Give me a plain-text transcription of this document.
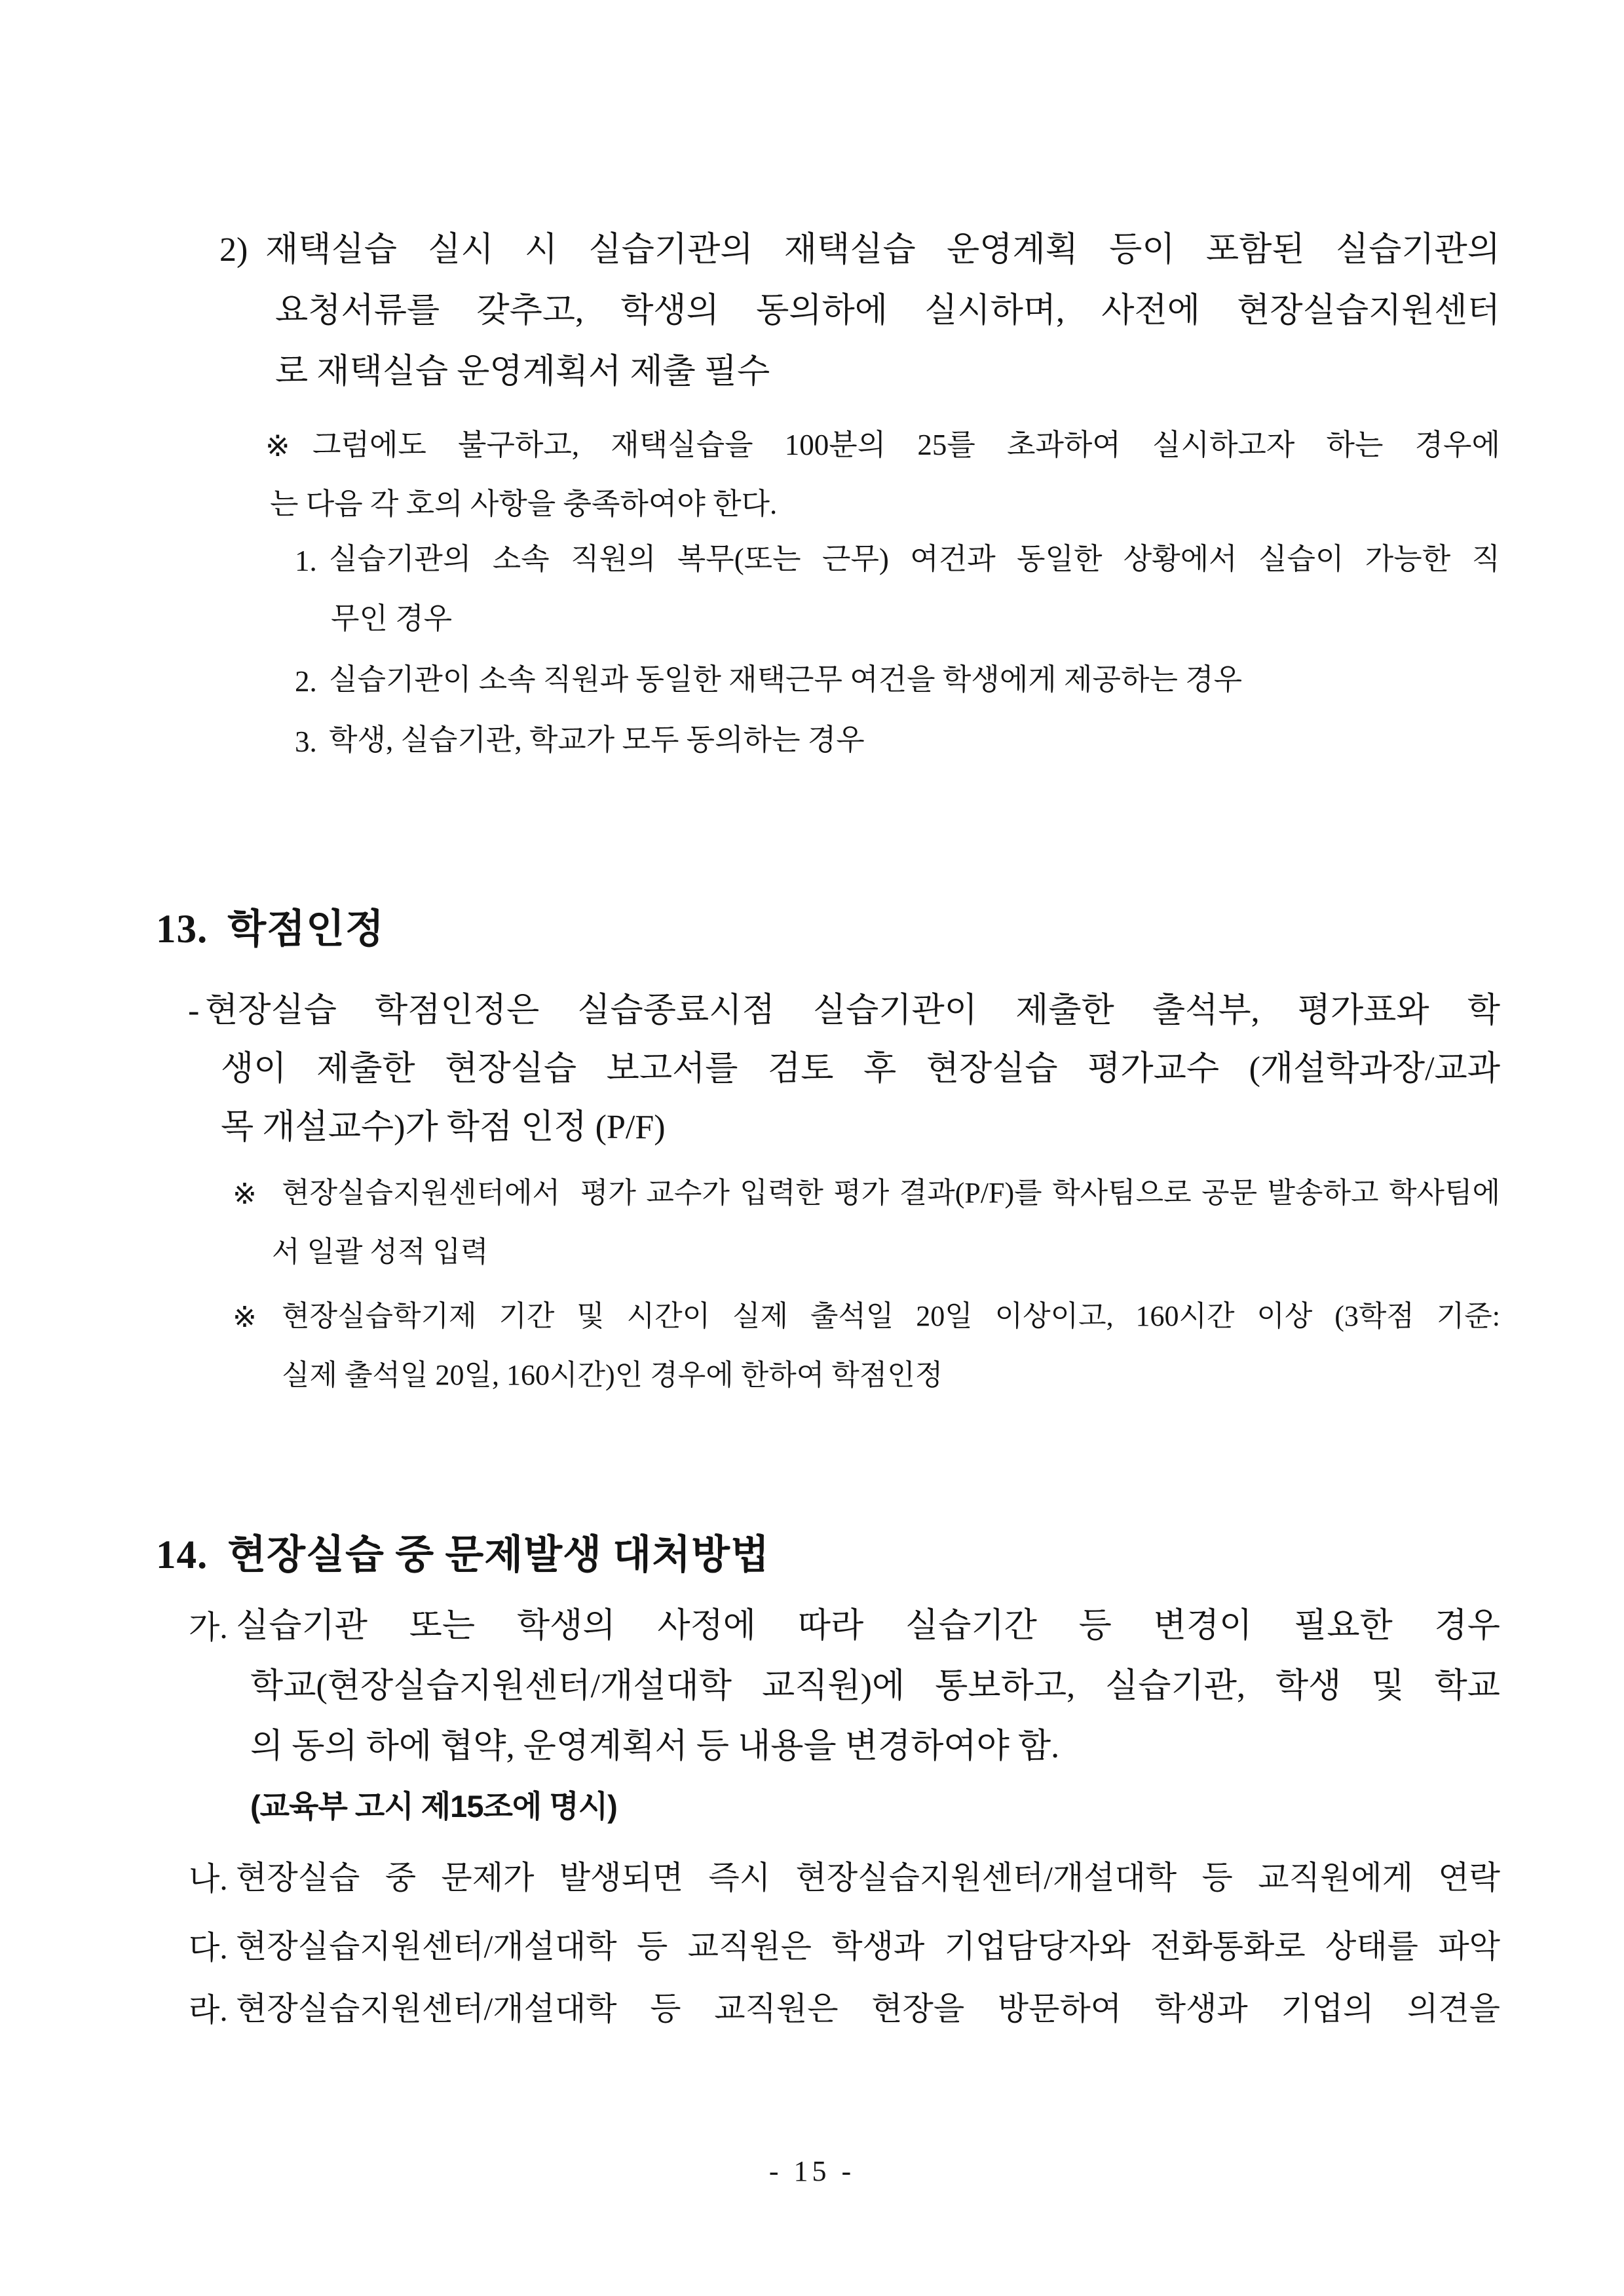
2) 재택실습 실시 시 실습기관의 재택실습 운영계획 등이 포함된 실습기관의
요청서류를 갖추고, 학생의 동의하에 실시하며, 사전에 현장실습지원센터
로 재택실습 운영계획서 제출 필수
※ 그럼에도 불구하고, 재택실습을 100분의 25를 초과하여 실시하고자 하는 경우에
는 다음 각 호의 사항을 충족하여야 한다.
1. 실습기관의 소속 직원의 복무(또는 근무) 여건과 동일한 상황에서 실습이 가능한 직
무인 경우
2. 실습기관이 소속 직원과 동일한 재택근무 여건을 학생에게 제공하는 경우
3. 학생, 실습기관, 학교가 모두 동의하는 경우
13. 학점인정
- 현장실습 학점인정은 실습종료시점 실습기관이 제출한 출석부, 평가표와 학
생이 제출한 현장실습 보고서를 검토 후 현장실습 평가교수 (개설학과장/교과
목 개설교수)가 학점 인정 (P/F)
※ 현장실습지원센터에서  평가 교수가 입력한 평가 결과(P/F)를 학사팀으로 공문 발송하고 학사팀에
서 일괄 성적 입력
※ 현장실습학기제 기간 및 시간이 실제 출석일 20일 이상이고, 160시간 이상 (3학점 기준:
실제 출석일 20일, 160시간)인 경우에 한하여 학점인정
14. 현장실습 중 문제발생 대처방법
가. 실습기관 또는 학생의 사정에 따라 실습기간 등 변경이 필요한 경우
학교(현장실습지원센터/개설대학 교직원)에 통보하고, 실습기관, 학생 및 학교
의 동의 하에 협약, 운영계획서 등 내용을 변경하여야 함.
(교육부 고시 제15조에 명시)
나. 현장실습 중 문제가 발생되면 즉시 현장실습지원센터/개설대학 등 교직원에게 연락
다. 현장실습지원센터/개설대학 등 교직원은 학생과 기업담당자와 전화통화로 상태를 파악
라. 현장실습지원센터/개설대학 등 교직원은 현장을 방문하여 학생과 기업의 의견을
- 15 -
